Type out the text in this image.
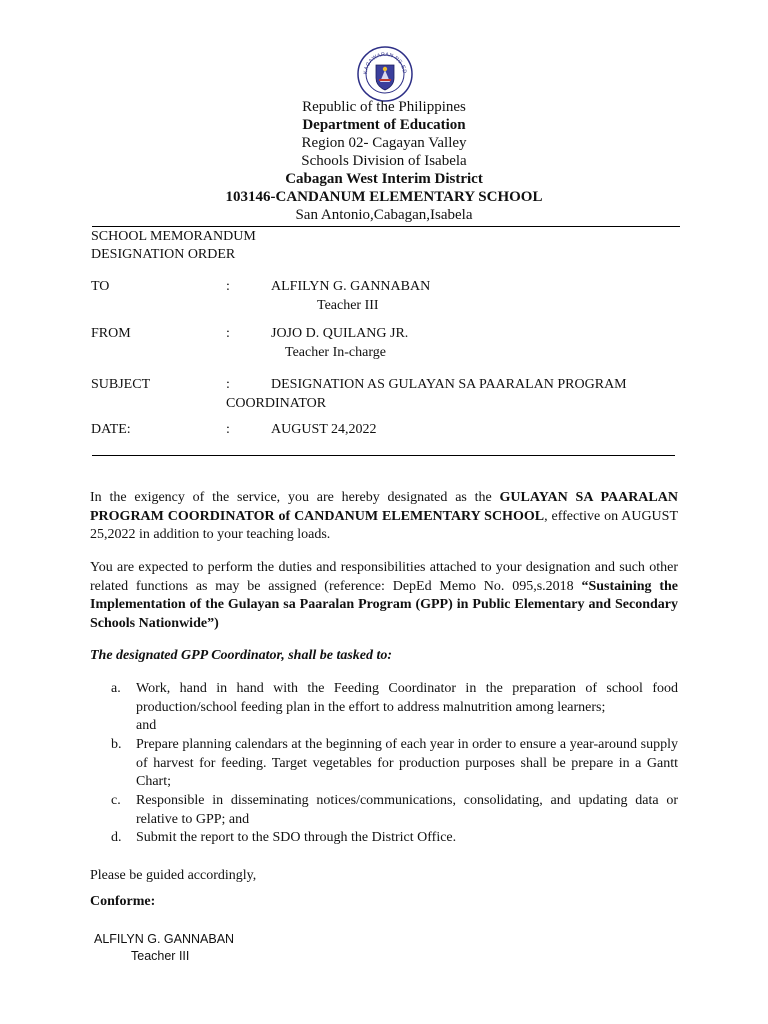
KAGAWARAN NG ED
Republic of the Philippines
Department of Education
Region 02- Cagayan Valley
Schools Division of Isabela
Cabagan West Interim District
103146-CANDANUM ELEMENTARY SCHOOL
San Antonio,Cabagan,Isabela
SCHOOL MEMORANDUM
DESIGNATION ORDER
TO	:	ALFILYN G. GANNABAN
Teacher III
FROM	:	JOJO D. QUILANG JR.
Teacher In-charge
SUBJECT	:	DESIGNATION AS GULAYAN SA PAARALAN PROGRAM
COORDINATOR
DATE:	:	AUGUST 24,2022
In the exigency of the service, you are hereby designated as the GULAYAN SA PAARALAN PROGRAM COORDINATOR of CANDANUM ELEMENTARY SCHOOL, effective on AUGUST 25,2022 in addition to your teaching loads.
You are expected to perform the duties and responsibilities attached to your designation and such other related functions as may be assigned (reference: DepEd Memo No. 095,s.2018 “Sustaining the Implementation of the Gulayan sa Paaralan Program (GPP) in Public Elementary and Secondary Schools Nationwide”)
The designated GPP Coordinator, shall be tasked to:
a. Work, hand in hand with the Feeding Coordinator in the preparation of school food production/school feeding plan in the effort to address malnutrition among learners;
and
b. Prepare planning calendars at the beginning of each year in order to ensure a year-around supply of harvest for feeding. Target vegetables for production purposes shall be prepare in a Gantt Chart;
c. Responsible in disseminating notices/communications, consolidating, and updating data or relative to GPP; and
d. Submit the report to the SDO through the District Office.
Please be guided accordingly,
Conforme:
ALFILYN G. GANNABAN
Teacher III
